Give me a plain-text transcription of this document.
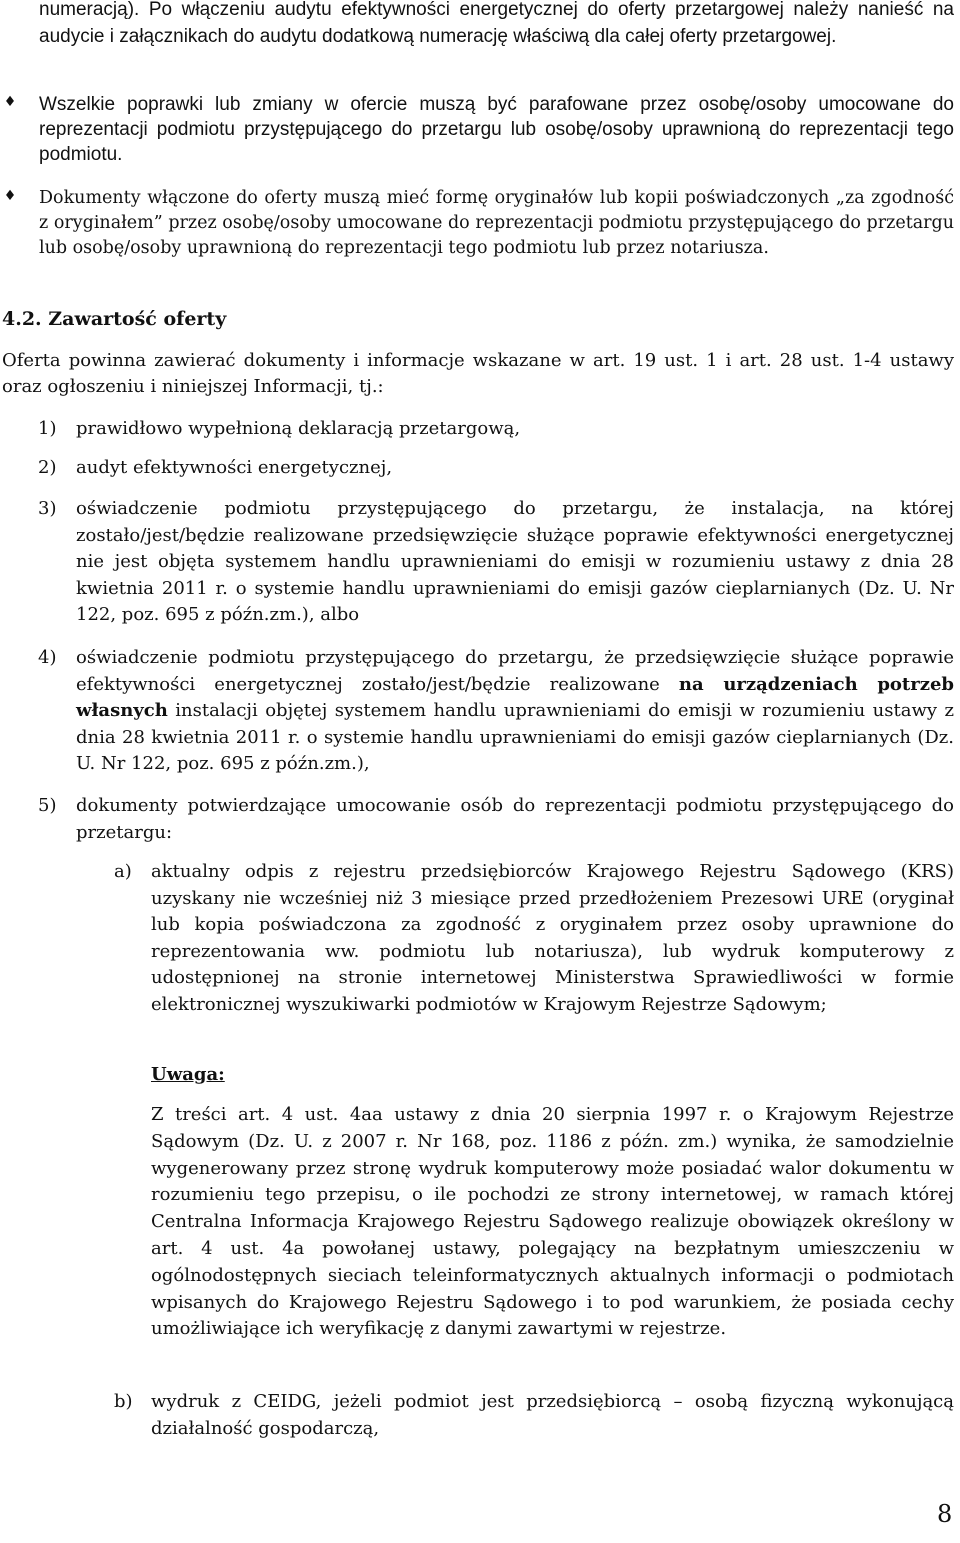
numeracją). Po włączeniu audytu efektywności energetycznej do oferty przetargowej należy nanieść na audycie i załącznikach do audytu dodatkową numerację właściwą dla całej oferty przetargowej.
♦ Wszelkie poprawki lub zmiany w ofercie muszą być parafowane przez osobę/osoby umocowane do reprezentacji podmiotu przystępującego do przetargu lub osobę/osoby uprawnioną do reprezentacji tego podmiotu.
♦ Dokumenty włączone do oferty muszą mieć formę oryginałów lub kopii poświadczonych „za zgodność z oryginałem” przez osobę/osoby umocowane do reprezentacji podmiotu przystępującego do przetargu lub osobę/osoby uprawnioną do reprezentacji tego podmiotu lub przez notariusza.
4.2. Zawartość oferty
Oferta powinna zawierać dokumenty i informacje wskazane w art. 19 ust. 1 i art. 28 ust. 1-4 ustawy oraz ogłoszeniu i niniejszej Informacji, tj.:
1) prawidłowo wypełnioną deklaracją przetargową,
2) audyt efektywności energetycznej,
3) oświadczenie podmiotu przystępującego do przetargu, że instalacja, na której zostało/jest/będzie realizowane przedsięwzięcie służące poprawie efektywności energetycznej nie jest objęta systemem handlu uprawnieniami do emisji w rozumieniu ustawy z dnia 28 kwietnia 2011 r. o systemie handlu uprawnieniami do emisji gazów cieplarnianych (Dz. U. Nr 122, poz. 695 z późn.zm.), albo
4) oświadczenie podmiotu przystępującego do przetargu, że przedsięwzięcie służące poprawie efektywności energetycznej zostało/jest/będzie realizowane na urządzeniach potrzeb własnych instalacji objętej systemem handlu uprawnieniami do emisji w rozumieniu ustawy z dnia 28 kwietnia 2011 r. o systemie handlu uprawnieniami do emisji gazów cieplarnianych (Dz. U. Nr 122, poz. 695 z późn.zm.),
5) dokumenty potwierdzające umocowanie osób do reprezentacji podmiotu przystępującego do przetargu:
a) aktualny odpis z rejestru przedsiębiorców Krajowego Rejestru Sądowego (KRS) uzyskany nie wcześniej niż 3 miesiące przed przedłożeniem Prezesowi URE (oryginał lub kopia poświadczona za zgodność z oryginałem przez osoby uprawnione do reprezentowania ww. podmiotu lub notariusza), lub wydruk komputerowy z udostępnionej na stronie internetowej Ministerstwa Sprawiedliwości w formie elektronicznej wyszukiwarki podmiotów w Krajowym Rejestrze Sądowym;
Uwaga:
Z treści art. 4 ust. 4aa ustawy z dnia 20 sierpnia 1997 r. o Krajowym Rejestrze Sądowym (Dz. U. z 2007 r. Nr 168, poz. 1186 z późn. zm.) wynika, że samodzielnie wygenerowany przez stronę wydruk komputerowy może posiadać walor dokumentu w rozumieniu tego przepisu, o ile pochodzi ze strony internetowej, w ramach której Centralna Informacja Krajowego Rejestru Sądowego realizuje obowiązek określony w art. 4 ust. 4a powołanej ustawy, polegający na bezpłatnym umieszczeniu w ogólnodostępnych sieciach teleinformatycznych aktualnych informacji o podmiotach wpisanych do Krajowego Rejestru Sądowego i to pod warunkiem, że posiada cechy umożliwiające ich weryfikację z danymi zawartymi w rejestrze.
b) wydruk z CEIDG, jeżeli podmiot jest przedsiębiorcą – osobą fizyczną wykonującą działalność gospodarczą,
8
